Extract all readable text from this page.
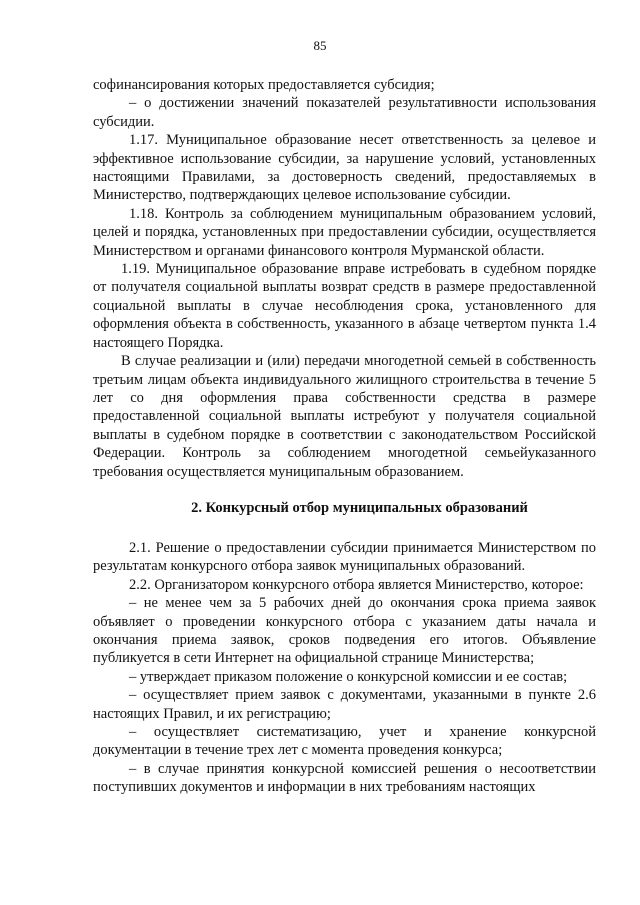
85

софинансирования которых предоставляется субсидия;

– о достижении значений показателей результативности использования субсидии.

1.17. Муниципальное образование несет ответственность за целевое и эффективное использование субсидии, за нарушение условий, установленных настоящими Правилами, за достоверность сведений, предоставляемых в Министерство, подтверждающих целевое использование субсидии.

1.18. Контроль за соблюдением муниципальным образованием условий, целей и порядка, установленных при предоставлении субсидии, осуществляется Министерством и органами финансового контроля Мурманской области.

1.19. Муниципальное образование вправе истребовать в судебном порядке от получателя социальной выплаты возврат средств в размере предоставленной социальной выплаты в случае несоблюдения срока, установленного для оформления объекта в собственность, указанного в абзаце четвертом пункта 1.4 настоящего Порядка.

В случае реализации и (или) передачи многодетной семьей в собственность третьим лицам объекта индивидуального жилищного строительства в течение 5 лет со дня оформления права собственности средства в размере предоставленной социальной выплаты истребуют у получателя социальной выплаты в судебном порядке в соответствии с законодательством Российской Федерации. Контроль за соблюдением многодетной семьейуказанного требования осуществляется муниципальным образованием.

2. Конкурсный отбор муниципальных образований

2.1. Решение о предоставлении субсидии принимается Министерством по результатам конкурсного отбора заявок муниципальных образований.

2.2. Организатором конкурсного отбора является Министерство, которое:

– не менее чем за 5 рабочих дней до окончания срока приема заявок объявляет о проведении конкурсного отбора с указанием даты начала и окончания приема заявок, сроков подведения его итогов. Объявление публикуется в сети Интернет на официальной странице Министерства;

– утверждает приказом положение о конкурсной комиссии и ее состав;

– осуществляет прием заявок с документами, указанными в пункте 2.6 настоящих Правил, и их регистрацию;

– осуществляет систематизацию, учет и хранение конкурсной документации в течение трех лет с момента проведения конкурса;

– в случае принятия конкурсной комиссией решения о несоответствии поступивших документов и информации в них требованиям настоящих
